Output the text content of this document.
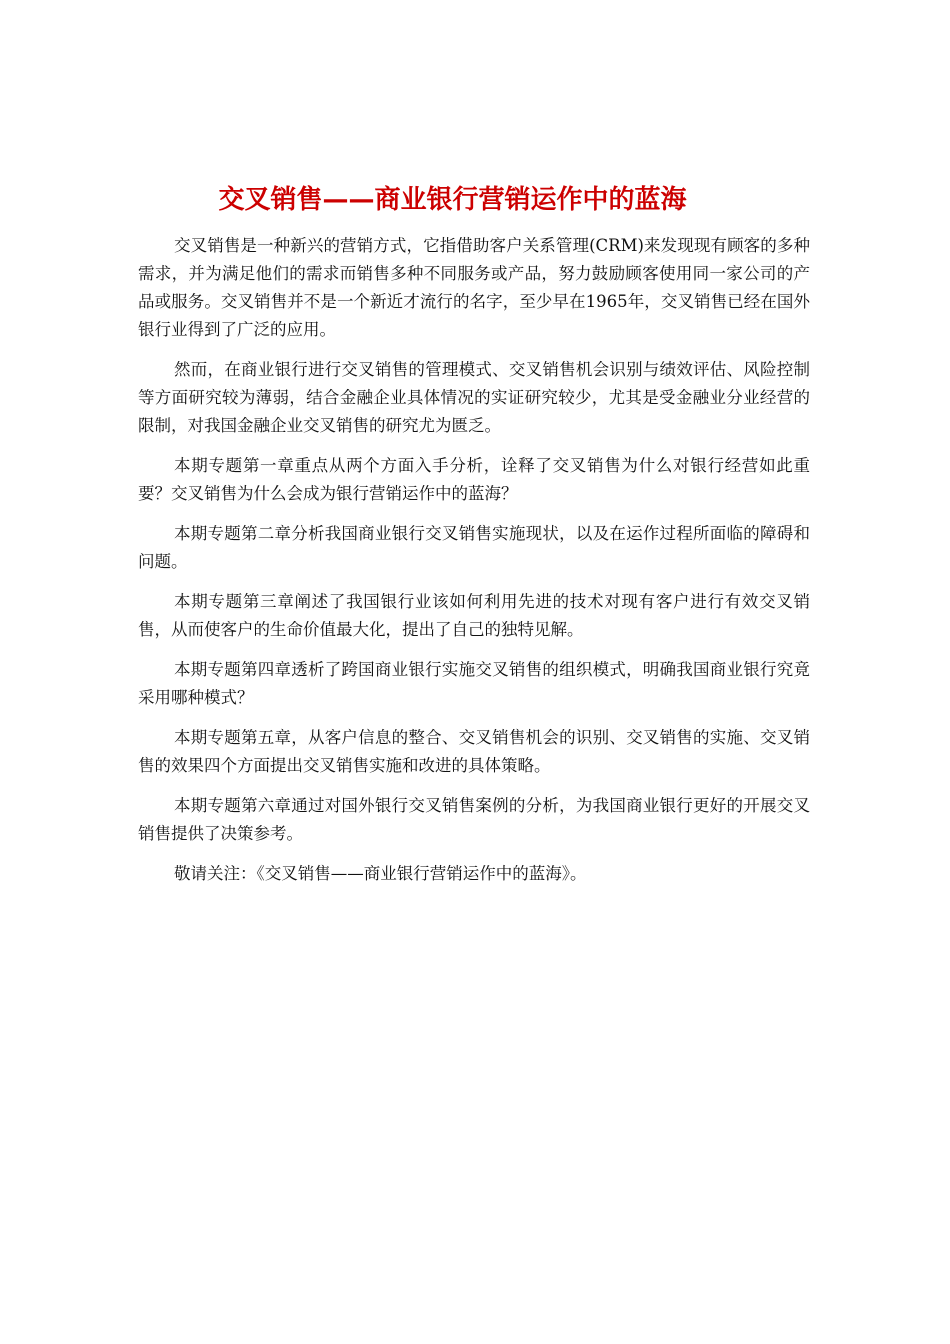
交叉销售——商业银行营销运作中的蓝海

交叉销售是一种新兴的营销方式，它指借助客户关系管理(CRM)来发现现有顾客的多种需求，并为满足他们的需求而销售多种不同服务或产品，努力鼓励顾客使用同一家公司的产品或服务。交叉销售并不是一个新近才流行的名字，至少早在1965年，交叉销售已经在国外银行业得到了广泛的应用。

然而，在商业银行进行交叉销售的管理模式、交叉销售机会识别与绩效评估、风险控制等方面研究较为薄弱，结合金融企业具体情况的实证研究较少，尤其是受金融业分业经营的限制，对我国金融企业交叉销售的研究尤为匮乏。

本期专题第一章重点从两个方面入手分析，诠释了交叉销售为什么对银行经营如此重要？交叉销售为什么会成为银行营销运作中的蓝海？

本期专题第二章分析我国商业银行交叉销售实施现状，以及在运作过程所面临的障碍和问题。

本期专题第三章阐述了我国银行业该如何利用先进的技术对现有客户进行有效交叉销售，从而使客户的生命价值最大化，提出了自己的独特见解。

本期专题第四章透析了跨国商业银行实施交叉销售的组织模式，明确我国商业银行究竟采用哪种模式？

本期专题第五章，从客户信息的整合、交叉销售机会的识别、交叉销售的实施、交叉销售的效果四个方面提出交叉销售实施和改进的具体策略。

本期专题第六章通过对国外银行交叉销售案例的分析，为我国商业银行更好的开展交叉销售提供了决策参考。

敬请关注：《交叉销售——商业银行营销运作中的蓝海》。
